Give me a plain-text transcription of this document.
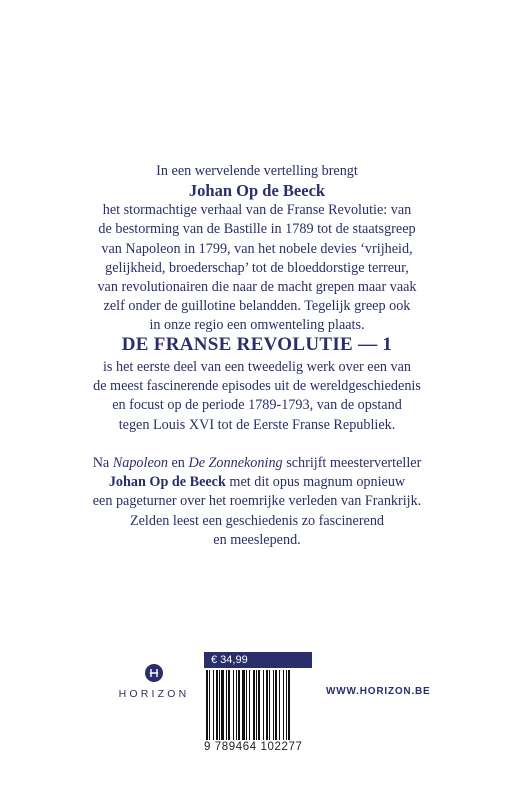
In een wervelende vertelling brengt
Johan Op de Beeck
het stormachtige verhaal van de Franse Revolutie: van
de bestorming van de Bastille in 1789 tot de staatsgreep
van Napoleon in 1799, van het nobele devies ‘vrijheid,
gelijkheid, broederschap’ tot de bloeddorstige terreur,
van revolutionairen die naar de macht grepen maar vaak
zelf onder de guillotine belandden. Tegelijk greep ook
in onze regio een omwenteling plaats.
DE FRANSE REVOLUTIE — 1
is het eerste deel van een tweedelig werk over een van
de meest fascinerende episodes uit de wereldgeschiedenis
en focust op de periode 1789-1793, van de opstand
tegen Louis XVI tot de Eerste Franse Republiek.
Na Napoleon en De Zonnekoning schrijft meesterverteller
Johan Op de Beeck met dit opus magnum opnieuw
een pageturner over het roemrijke verleden van Frankrijk.
Zelden leest een geschiedenis zo fascinerend
en meeslepend.
HORIZON
€ 34,99
9 789464 102277
WWW.HORIZON.BE
